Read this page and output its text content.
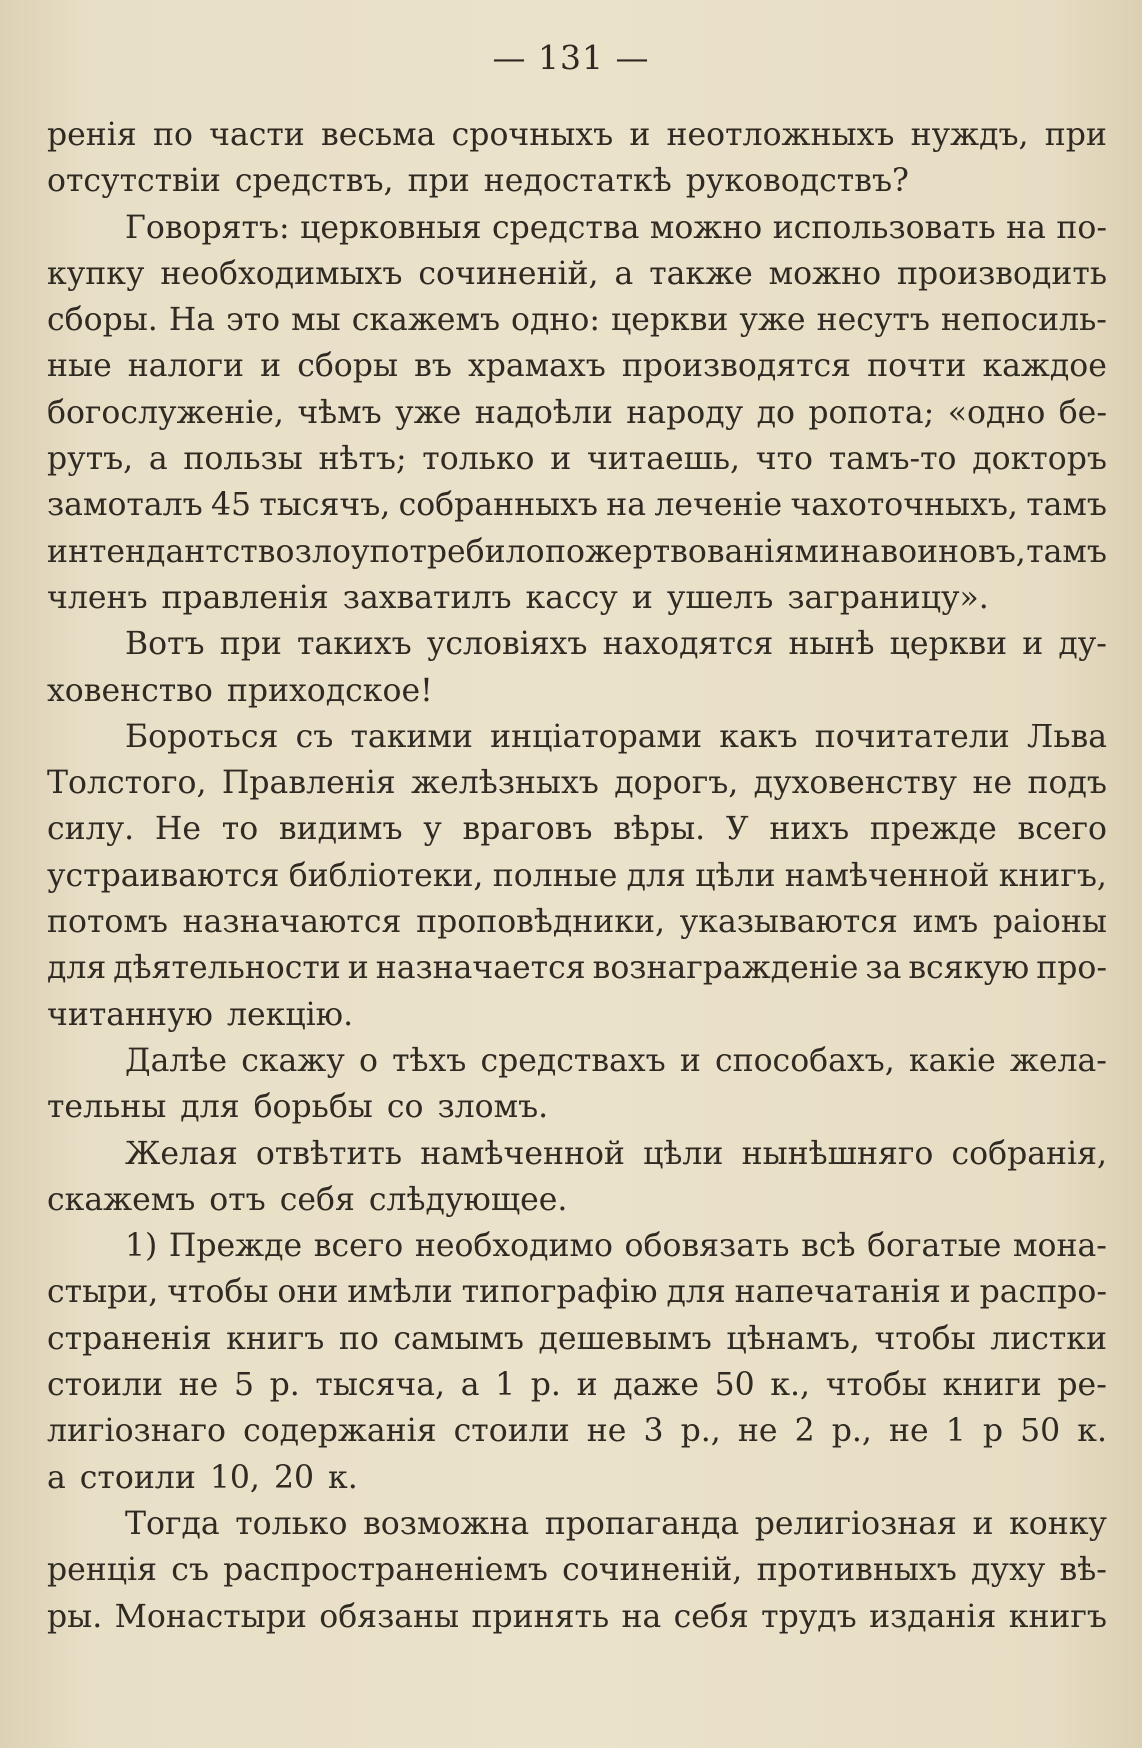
— 131 —
ренія по части весьма срочныхъ и неотложныхъ нуждъ, при
отсутствіи средствъ, при недостаткѣ руководствъ?
Говорятъ: церковныя средства можно использовать на по-
купку необходимыхъ сочиненій, а также можно производить
сборы. На это мы скажемъ одно: церкви уже несутъ непосиль-
ные налоги и сборы въ храмахъ производятся почти каждое
богослуженіе, чѣмъ уже надоѣли народу до ропота; «одно бе-
рутъ, а пользы нѣтъ; только и читаешь, что тамъ-то докторъ
замоталъ 45 тысячъ, собранныхъ на леченіе чахоточныхъ, тамъ
интендантство злоупотребило пожертвованіями на воиновъ, тамъ
членъ правленія захватилъ кассу и ушелъ заграницу».
Вотъ при такихъ условіяхъ находятся нынѣ церкви и ду-
ховенство приходское!
Бороться съ такими инціаторами какъ почитатели Льва
Толстого, Правленія желѣзныхъ дорогъ, духовенству не подъ
силу. Не то видимъ у враговъ вѣры. У нихъ прежде всего
устраиваются библіотеки, полные для цѣли намѣченной книгъ,
потомъ назначаются проповѣдники, указываются имъ раіоны
для дѣятельности и назначается вознагражденіе за всякую про-
читанную лекцію.
Далѣе скажу о тѣхъ средствахъ и способахъ, какіе жела-
тельны для борьбы со зломъ.
Желая отвѣтить намѣченной цѣли нынѣшняго собранія,
скажемъ отъ себя слѣдующее.
1) Прежде всего необходимо обовязать всѣ богатые мона-
стыри, чтобы они имѣли типографію для напечатанія и распро-
страненія книгъ по самымъ дешевымъ цѣнамъ, чтобы листки
стоили не 5 р. тысяча, а 1 р. и даже 50 к., чтобы книги ре-
лигіознаго содержанія стоили не 3 р., не 2 р., не 1 р 50 к.
а стоили 10, 20 к.
Тогда только возможна пропаганда религіозная и конку
ренція съ распространеніемъ сочиненій, противныхъ духу вѣ-
ры. Монастыри обязаны принять на себя трудъ изданія книгъ
